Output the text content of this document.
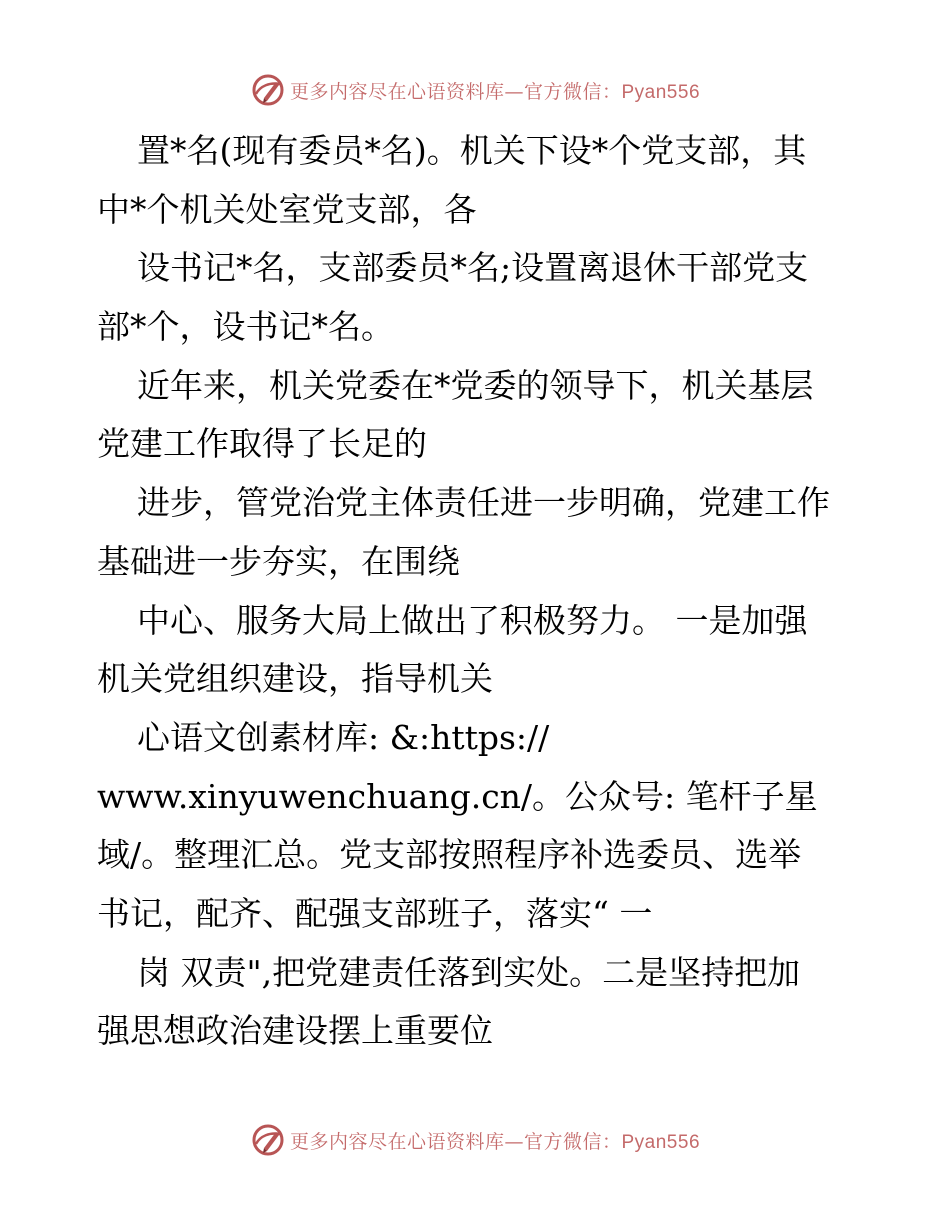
更多内容尽在心语资料库—官方微信：Pyan556
置*名(现有委员*名)。机关下设*个党支部，其
中*个机关处室党支部，各
设书记*名，支部委员*名;设置离退休干部党支
部*个，设书记*名。
近年来，机关党委在*党委的领导下，机关基层
党建工作取得了长足的
进步，管党治党主体责任进一步明确，党建工作
基础进一步夯实，在围绕
中心、服务大局上做出了积极努力。 一是加强
机关党组织建设，指导机关
心语文创素材库: &:https://
www.xinyuwenchuang.cn/。公众号: 笔杆子星
域/。整理汇总。党支部按照程序补选委员、选举
书记，配齐、配强支部班子，落实“ 一
岗 双责",把党建责任落到实处。二是坚持把加
强思想政治建设摆上重要位
更多内容尽在心语资料库—官方微信：Pyan556
